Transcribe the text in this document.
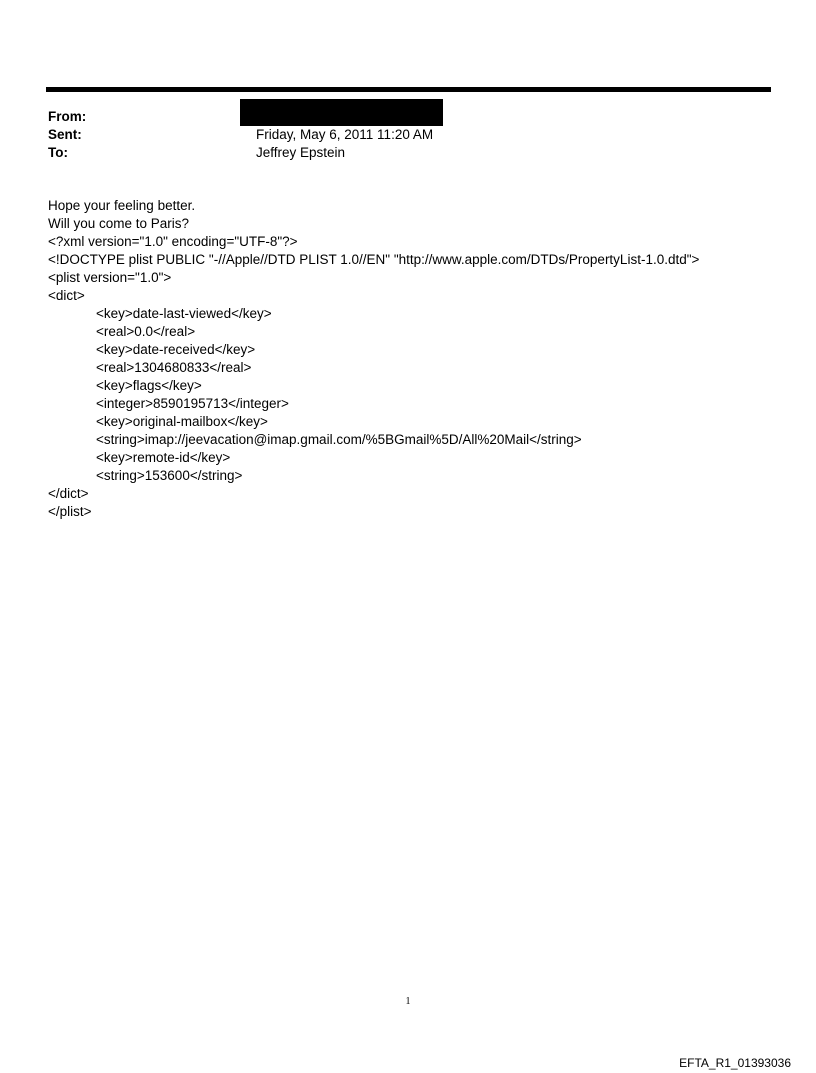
From:
Sent:	Friday, May 6, 2011 11:20 AM
To:	Jeffrey Epstein
Hope your feeling better.
Will you come to Paris?
<?xml version="1.0" encoding="UTF-8"?>
<!DOCTYPE plist PUBLIC "-//Apple//DTD PLIST 1.0//EN" "http://www.apple.com/DTDs/PropertyList-1.0.dtd">
<plist version="1.0">
<dict>
<key>date-last-viewed</key>
<real>0.0</real>
<key>date-received</key>
<real>1304680833</real>
<key>flags</key>
<integer>8590195713</integer>
<key>original-mailbox</key>
<string>imap://jeevacation@imap.gmail.com/%5BGmail%5D/All%20Mail</string>
<key>remote-id</key>
<string>153600</string>
</dict>
</plist>
1
EFTA_R1_01393036
